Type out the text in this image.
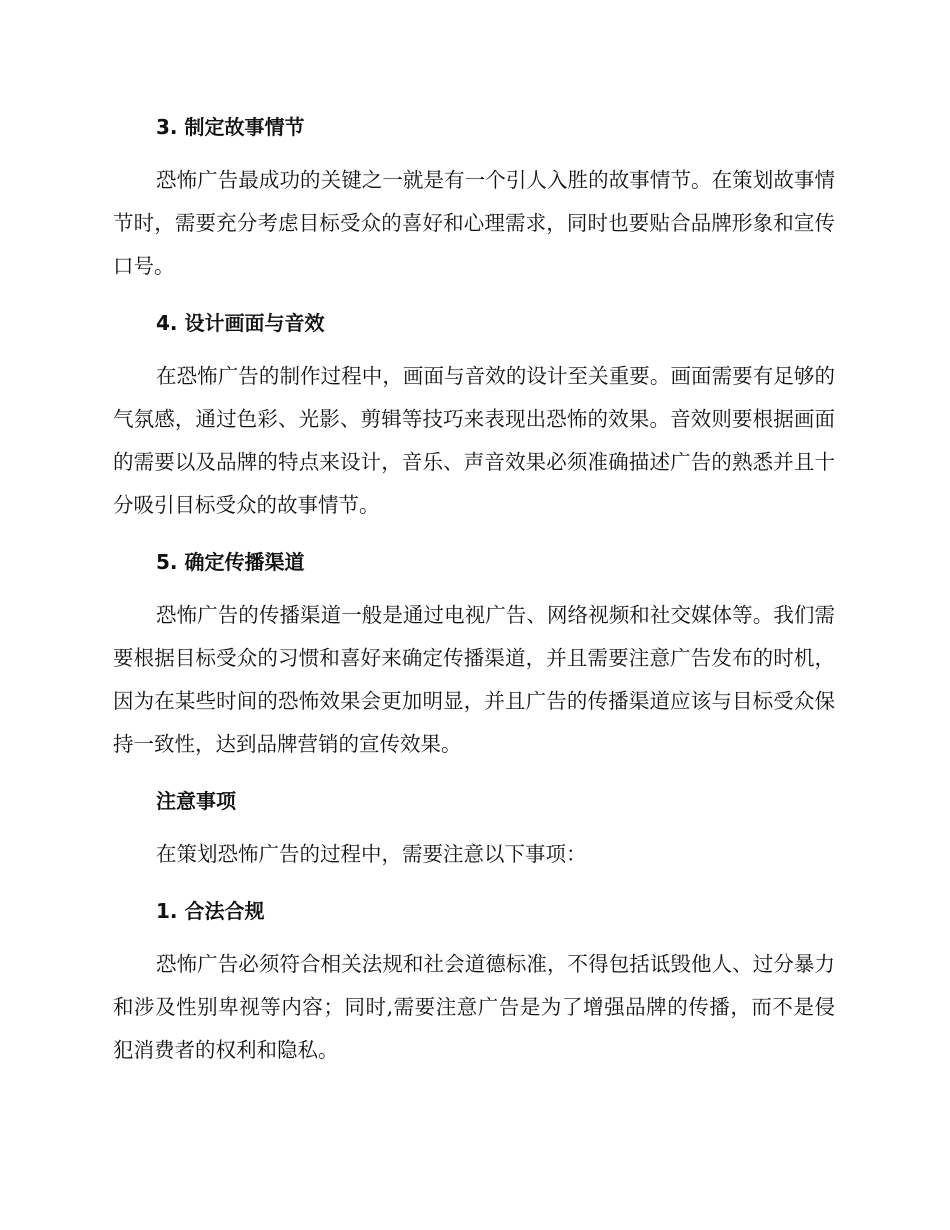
3. 制定故事情节

恐怖广告最成功的关键之一就是有一个引人入胜的故事情节。在策划故事情节时，需要充分考虑目标受众的喜好和心理需求，同时也要贴合品牌形象和宣传口号。

4. 设计画面与音效

在恐怖广告的制作过程中，画面与音效的设计至关重要。画面需要有足够的气氛感，通过色彩、光影、剪辑等技巧来表现出恐怖的效果。音效则要根据画面的需要以及品牌的特点来设计，音乐、声音效果必须准确描述广告的熟悉并且十分吸引目标受众的故事情节。

5. 确定传播渠道

恐怖广告的传播渠道一般是通过电视广告、网络视频和社交媒体等。我们需要根据目标受众的习惯和喜好来确定传播渠道，并且需要注意广告发布的时机，因为在某些时间的恐怖效果会更加明显，并且广告的传播渠道应该与目标受众保持一致性，达到品牌营销的宣传效果。

注意事项

在策划恐怖广告的过程中，需要注意以下事项：

1. 合法合规

恐怖广告必须符合相关法规和社会道德标准，不得包括诋毁他人、过分暴力和涉及性别卑视等内容；同时,需要注意广告是为了增强品牌的传播，而不是侵犯消费者的权利和隐私。
